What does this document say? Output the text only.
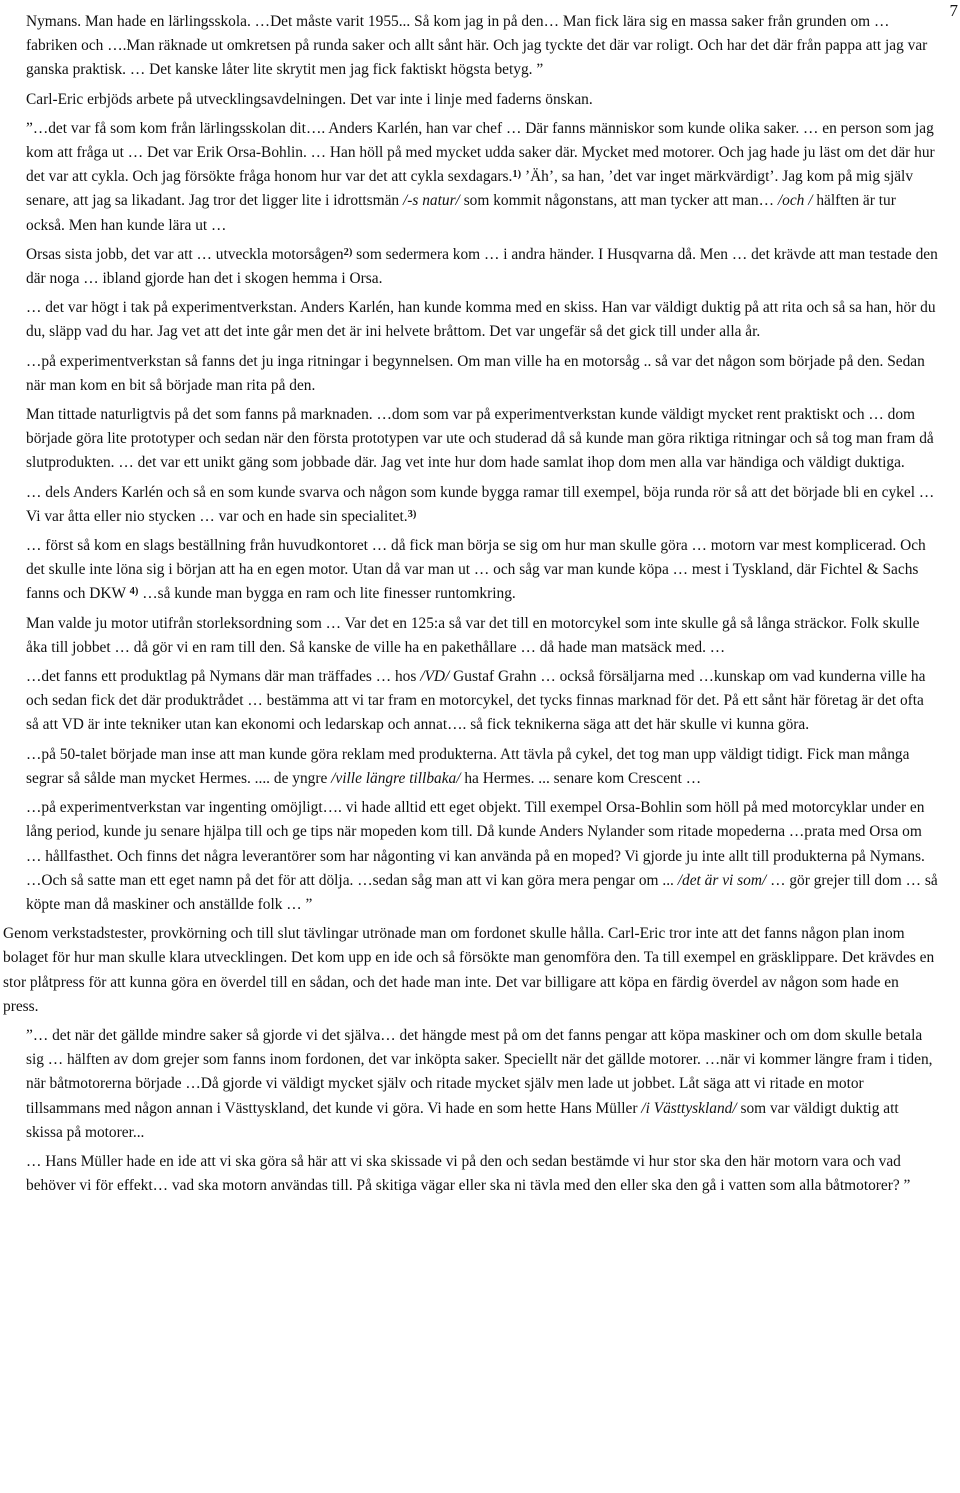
7

Nymans. Man hade en lärlingsskola. …Det måste varit 1955... Så kom jag in på den… Man fick lära sig en massa saker från grunden om … fabriken och ….Man räknade ut omkretsen på runda saker och allt sånt här. Och jag tyckte det där var roligt. Och har det där från pappa att jag var ganska praktisk. … Det kanske låter lite skrytit men jag fick faktiskt högsta betyg. ”

Carl-Eric erbjöds arbete på utvecklingsavdelningen. Det var inte i linje med faderns önskan.

”…det var få som kom från lärlingsskolan dit…. Anders Karlén, han var chef … Där fanns människor som kunde olika saker. … en person som jag kom att fråga ut … Det var Erik Orsa-Bohlin. … Han höll på med mycket udda saker där. Mycket med motorer. Och jag hade ju läst om det där hur det var att cykla. Och jag försökte fråga honom hur var det att cykla sexdagars.$^{1)}$ ’Äh’, sa han, ’det var inget märkvärdigt’. Jag kom på mig själv senare, att jag sa likadant. Jag tror det ligger lite i idrottsmän /-s natur/ som kommit någonstans, att man tycker att man… /och / hälften är tur också. Men han kunde lära ut …

Orsas sista jobb, det var att … utveckla motorsågen$^{2)}$ som sedermera kom … i andra händer. I Husqvarna då. Men … det krävde att man testade den där noga … ibland gjorde han det i skogen hemma i Orsa.

… det var högt i tak på experimentverkstan. Anders Karlén, han kunde komma med en skiss. Han var väldigt duktig på att rita och så sa han, hör du du, släpp vad du har. Jag vet att det inte går men det är ini helvete bråttom. Det var ungefär så det gick till under alla år.

…på experimentverkstan så fanns det ju inga ritningar i begynnelsen. Om man ville ha en motorsåg .. så var det någon som började på den. Sedan när man kom en bit så började man rita på den.

Man tittade naturligtvis på det som fanns på marknaden. …dom som var på experimentverkstan kunde väldigt mycket rent praktiskt och … dom började göra lite prototyper och sedan när den första prototypen var ute och studerad då så kunde man göra riktiga ritningar och så tog man fram då slutprodukten. … det var ett unikt gäng som jobbade där. Jag vet inte hur dom hade samlat ihop dom men alla var händiga och väldigt duktiga.

… dels Anders Karlén och så en som kunde svarva och någon som kunde bygga ramar till exempel, böja runda rör så att det började bli en cykel …Vi var åtta eller nio stycken … var och en hade sin specialitet.$^{3)}$

… först så kom en slags beställning från huvudkontoret … då fick man börja se sig om hur man skulle göra … motorn var mest komplicerad. Och det skulle inte löna sig i början att ha en egen motor. Utan då var man ut … och såg var man kunde köpa … mest i Tyskland, där Fichtel & Sachs fanns och DKW $^{4)}$ …så kunde man bygga en ram och lite finesser runtomkring.

Man valde ju motor utifrån storleksordning som … Var det en 125:a så var det till en motorcykel som inte skulle gå så långa sträckor. Folk skulle åka till jobbet … då gör vi en ram till den. Så kanske de ville ha en pakethållare … då hade man matsäck med. …

…det fanns ett produktlag på Nymans där man träffades … hos /VD/ Gustaf Grahn … också försäljarna med …kunskap om vad kunderna ville ha och sedan fick det där produktrådet … bestämma att vi tar fram en motorcykel, det tycks finnas marknad för det. På ett sånt här företag är det ofta så att VD är inte tekniker utan kan ekonomi och ledarskap och annat…. så fick teknikerna säga att det här skulle vi kunna göra.

…på 50-talet började man inse att man kunde göra reklam med produkterna. Att tävla på cykel, det tog man upp väldigt tidigt. Fick man många segrar så sålde man mycket Hermes. .... de yngre /ville längre tillbaka/ ha Hermes. ... senare kom Crescent …

…på experimentverkstan var ingenting omöjligt…. vi hade alltid ett eget objekt. Till exempel Orsa-Bohlin som höll på med motorcyklar under en lång period, kunde ju senare hjälpa till och ge tips när mopeden kom till. Då kunde Anders Nylander som ritade mopederna …prata med Orsa om … hållfasthet. Och finns det några leverantörer som har någonting vi kan använda på en moped? Vi gjorde ju inte allt till produkterna på Nymans. …Och så satte man ett eget namn på det för att dölja. …sedan såg man att vi kan göra mera pengar om ... /det är vi som/ … gör grejer till dom … så köpte man då maskiner och anställde folk … ”

Genom verkstadstester, provkörning och till slut tävlingar utrönade man om fordonet skulle hålla. Carl-Eric tror inte att det fanns någon plan inom bolaget för hur man skulle klara utvecklingen. Det kom upp en ide och så försökte man genomföra den. Ta till exempel en gräsklippare. Det krävdes en stor plåtpress för att kunna göra en överdel till en sådan, och det hade man inte. Det var billigare att köpa en färdig överdel av någon som hade en press.

”… det när det gällde mindre saker så gjorde vi det själva… det hängde mest på om det fanns pengar att köpa maskiner och om dom skulle betala sig … hälften av dom grejer som fanns inom fordonen, det var inköpta saker. Speciellt när det gällde motorer. …när vi kommer längre fram i tiden, när båtmotorerna började …Då gjorde vi väldigt mycket själv och ritade mycket själv men lade ut jobbet. Låt säga att vi ritade en motor tillsammans med någon annan i Västtyskland, det kunde vi göra. Vi hade en som hette Hans Müller /i Västtyskland/ som var väldigt duktig att skissa på motorer...

… Hans Müller hade en ide att vi ska göra så här att vi ska skissade vi på den och sedan bestämde vi hur stor ska den här motorn vara och vad behöver vi för effekt… vad ska motorn användas till. På skitiga vägar eller ska ni tävla med den eller ska den gå i vatten som alla båtmotorer? ”
